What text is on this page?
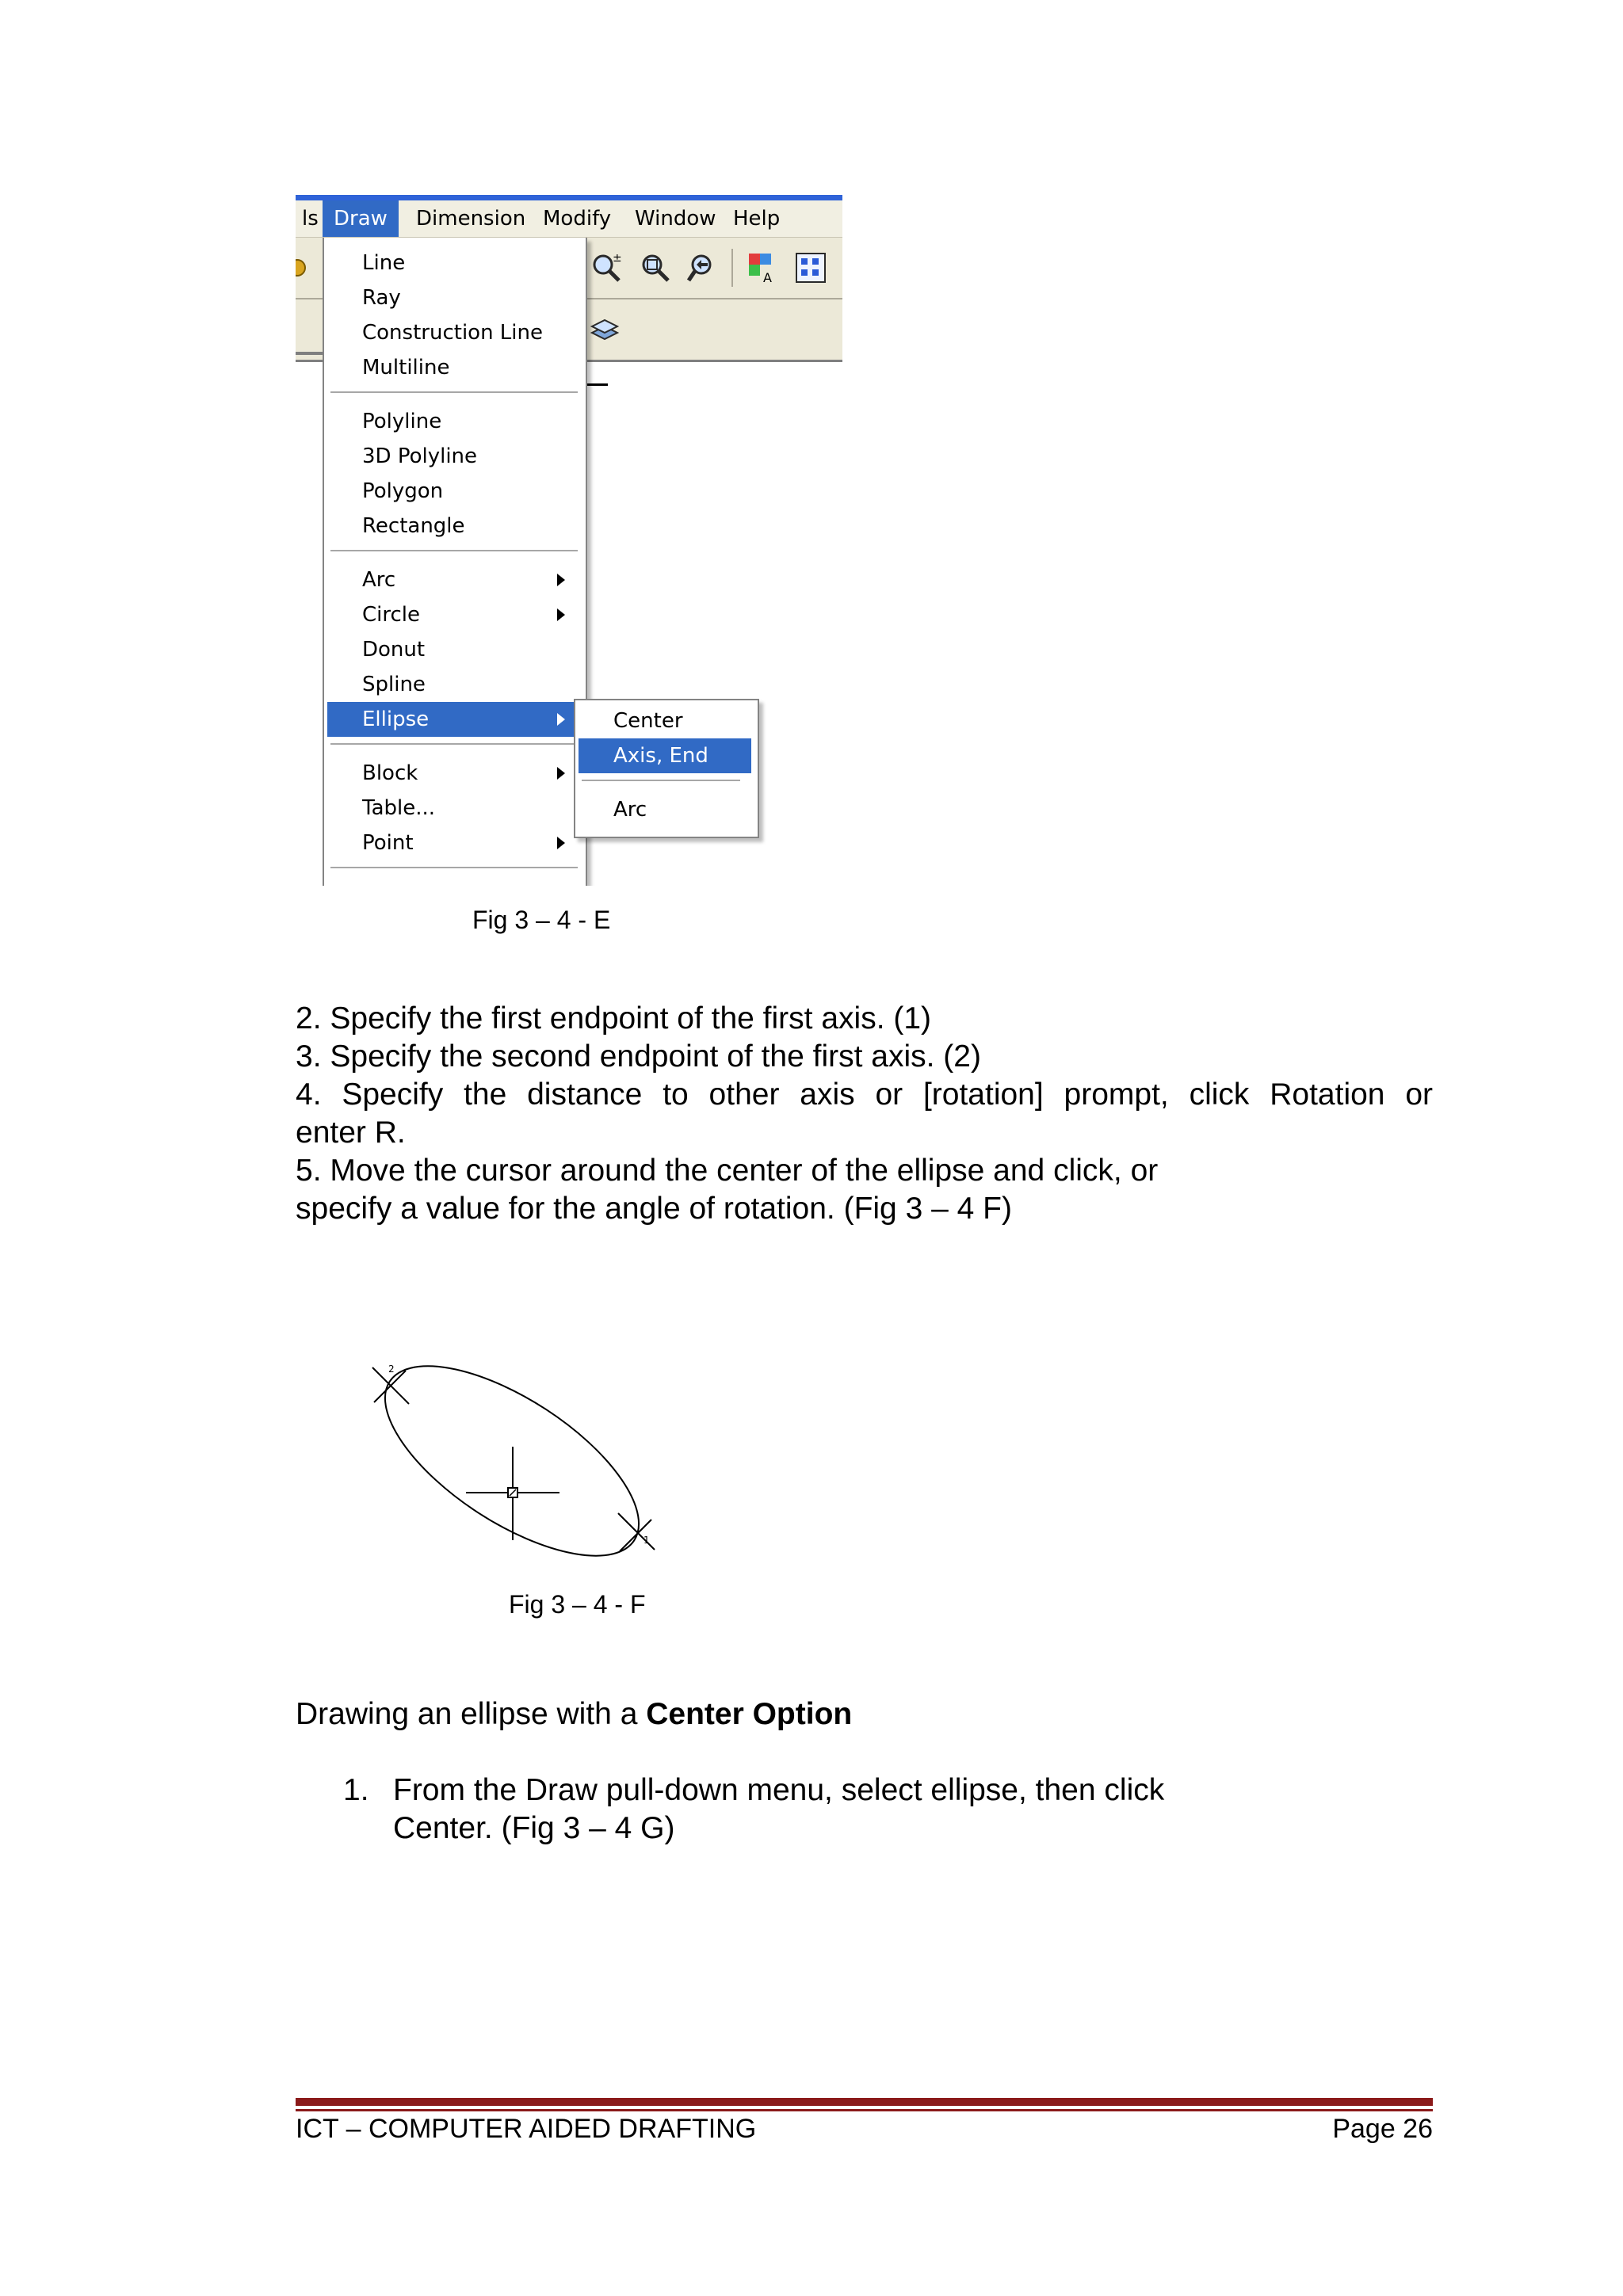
ls Draw	Dimension Modify	Window Help
±
A
Line
Ray
Construction Line
Multiline
Polyline
3D Polyline
Polygon
Rectangle
Arc
Circle
Donut
Spline
Ellipse
Block
Table...
Point
Center
Axis, End
Arc
Fig 3 – 4 - E
2. Specify the first endpoint of the first axis. (1)
3. Specify the second endpoint of the first axis. (2)
4. Specify the distance to other axis or [rotation] prompt, click Rotation or
enter R.
5. Move the cursor around the center of the ellipse and click, or
specify a value for the angle of rotation. (Fig 3 – 4 F)
2
1
Fig 3 – 4 - F
Drawing an ellipse with a Center Option
1. From the Draw pull-down menu, select ellipse, then click
Center. (Fig 3 – 4 G)
ICT – COMPUTER AIDED DRAFTING	Page 26
